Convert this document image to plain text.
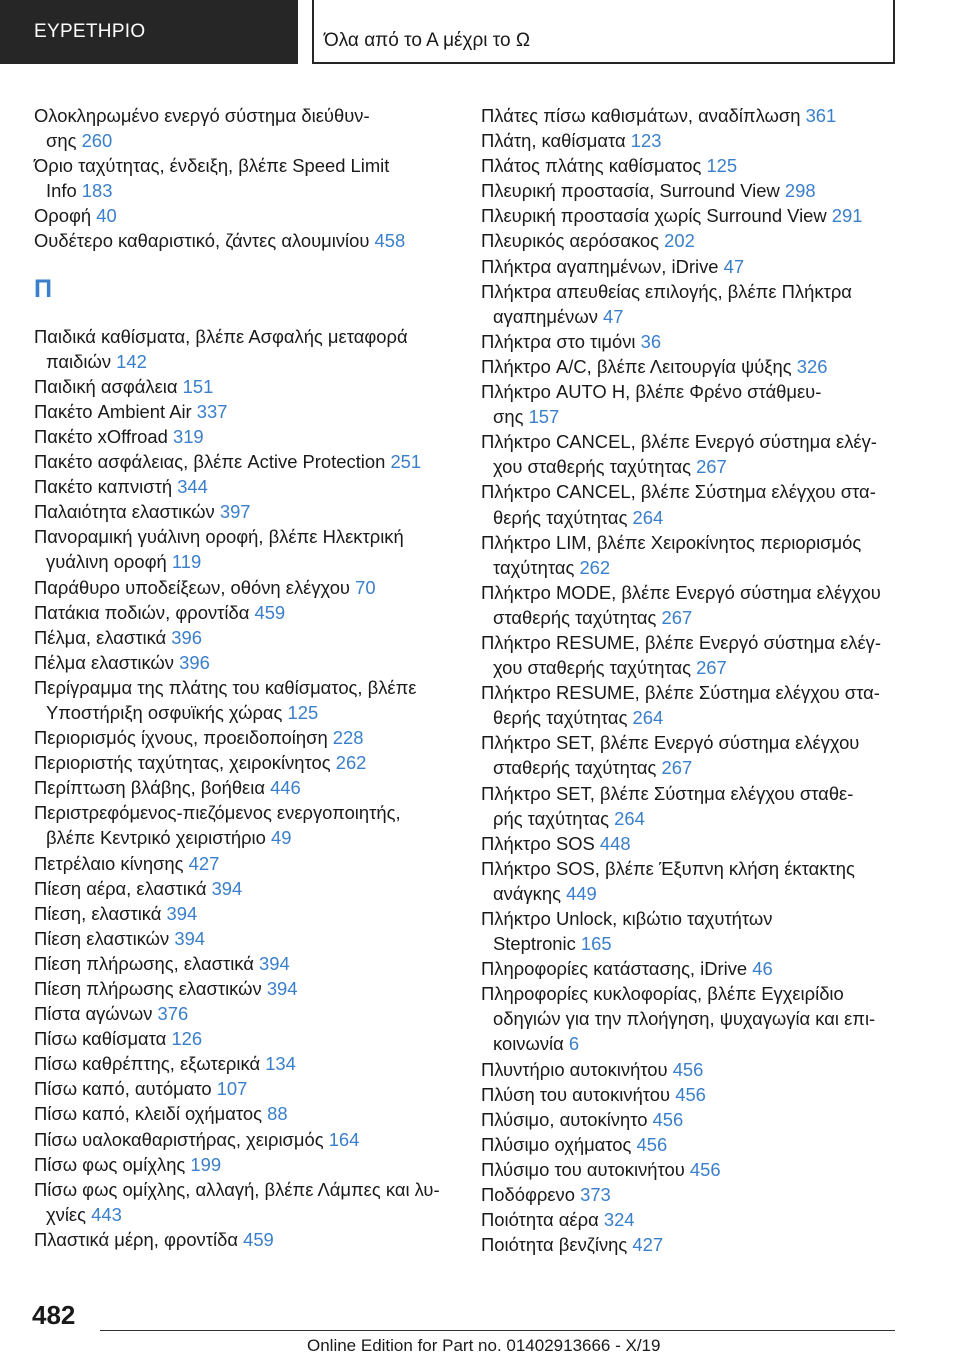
ΕΥΡΕΤΗΡΙΟ	Όλα από το Α μέχρι το Ω
Ολοκληρωμένο ενεργό σύστημα διεύθυν-
σης 260
Όριο ταχύτητας, ένδειξη, βλέπε Speed Limit
Info 183
Οροφή 40
Ουδέτερο καθαριστικό, ζάντες αλουμινίου 458
Π
Παιδικά καθίσματα, βλέπε Ασφαλής μεταφορά
παιδιών 142
Παιδική ασφάλεια 151
Πακέτο Ambient Air 337
Πακέτο xOffroad 319
Πακέτο ασφάλειας, βλέπε Active Protection 251
Πακέτο καπνιστή 344
Παλαιότητα ελαστικών 397
Πανοραμική γυάλινη οροφή, βλέπε Ηλεκτρική
γυάλινη οροφή 119
Παράθυρο υποδείξεων, οθόνη ελέγχου 70
Πατάκια ποδιών, φροντίδα 459
Πέλμα, ελαστικά 396
Πέλμα ελαστικών 396
Περίγραμμα της πλάτης του καθίσματος, βλέπε
Υποστήριξη οσφυϊκής χώρας 125
Περιορισμός ίχνους, προειδοποίηση 228
Περιοριστής ταχύτητας, χειροκίνητος 262
Περίπτωση βλάβης, βοήθεια 446
Περιστρεφόμενος-πιεζόμενος ενεργοποιητής,
βλέπε Κεντρικό χειριστήριο 49
Πετρέλαιο κίνησης 427
Πίεση αέρα, ελαστικά 394
Πίεση, ελαστικά 394
Πίεση ελαστικών 394
Πίεση πλήρωσης, ελαστικά 394
Πίεση πλήρωσης ελαστικών 394
Πίστα αγώνων 376
Πίσω καθίσματα 126
Πίσω καθρέπτης, εξωτερικά 134
Πίσω καπό, αυτόματο 107
Πίσω καπό, κλειδί οχήματος 88
Πίσω υαλοκαθαριστήρας, χειρισμός 164
Πίσω φως ομίχλης 199
Πίσω φως ομίχλης, αλλαγή, βλέπε Λάμπες και λυ-
χνίες 443
Πλαστικά μέρη, φροντίδα 459
Πλάτες πίσω καθισμάτων, αναδίπλωση 361
Πλάτη, καθίσματα 123
Πλάτος πλάτης καθίσματος 125
Πλευρική προστασία, Surround View 298
Πλευρική προστασία χωρίς Surround View 291
Πλευρικός αερόσακος 202
Πλήκτρα αγαπημένων, iDrive 47
Πλήκτρα απευθείας επιλογής, βλέπε Πλήκτρα
αγαπημένων 47
Πλήκτρα στο τιμόνι 36
Πλήκτρο A/C, βλέπε Λειτουργία ψύξης 326
Πλήκτρο AUTO H, βλέπε Φρένο στάθμευ-
σης 157
Πλήκτρο CANCEL, βλέπε Ενεργό σύστημα ελέγ-
χου σταθερής ταχύτητας 267
Πλήκτρο CANCEL, βλέπε Σύστημα ελέγχου στα-
θερής ταχύτητας 264
Πλήκτρο LIM, βλέπε Χειροκίνητος περιορισμός
ταχύτητας 262
Πλήκτρο MODE, βλέπε Ενεργό σύστημα ελέγχου
σταθερής ταχύτητας 267
Πλήκτρο RESUME, βλέπε Ενεργό σύστημα ελέγ-
χου σταθερής ταχύτητας 267
Πλήκτρο RESUME, βλέπε Σύστημα ελέγχου στα-
θερής ταχύτητας 264
Πλήκτρο SET, βλέπε Ενεργό σύστημα ελέγχου
σταθερής ταχύτητας 267
Πλήκτρο SET, βλέπε Σύστημα ελέγχου σταθε-
ρής ταχύτητας 264
Πλήκτρο SOS 448
Πλήκτρο SOS, βλέπε Έξυπνη κλήση έκτακτης
ανάγκης 449
Πλήκτρο Unlock, κιβώτιο ταχυτήτων
Steptronic 165
Πληροφορίες κατάστασης, iDrive 46
Πληροφορίες κυκλοφορίας, βλέπε Εγχειρίδιο
οδηγιών για την πλοήγηση, ψυχαγωγία και επι-
κοινωνία 6
Πλυντήριο αυτοκινήτου 456
Πλύση του αυτοκινήτου 456
Πλύσιμο, αυτοκίνητο 456
Πλύσιμο οχήματος 456
Πλύσιμο του αυτοκινήτου 456
Ποδόφρενο 373
Ποιότητα αέρα 324
Ποιότητα βενζίνης 427
482
Online Edition for Part no. 01402913666 - X/19
